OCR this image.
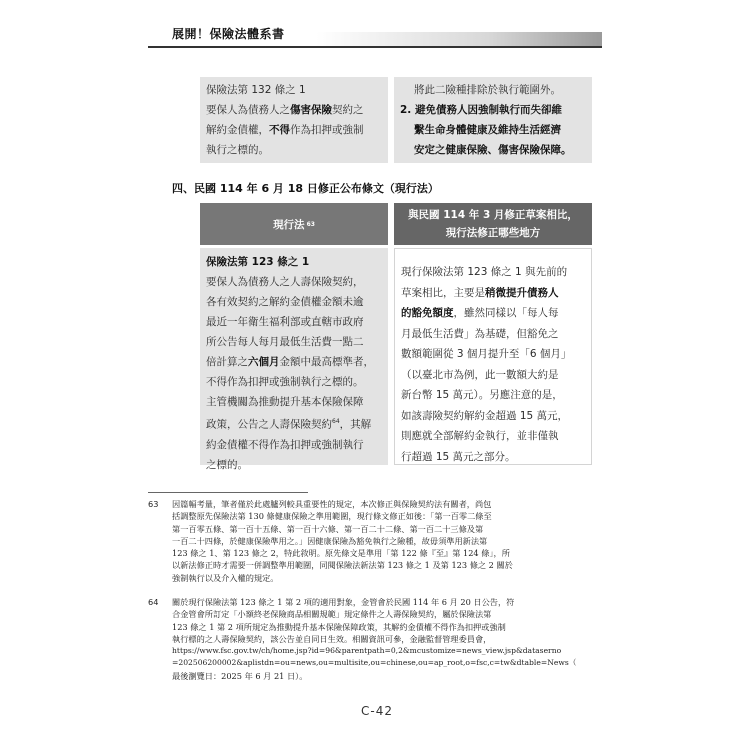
展開！保險法體系書
保險法第 132 條之 1
要保人為債務人之傷害保險契約之
解約金債權，不得作為扣押或強制
執行之標的。
將此二險種排除於執行範圍外。
2. 避免債務人因強制執行而失卻維
繫生命身體健康及維持生活經濟
安定之健康保險、傷害保險保障。
四、民國 114 年 6 月 18 日修正公布條文（現行法）
現行法 63
與民國 114 年 3 月修正草案相比，
現行法修正哪些地方
保險法第 123 條之 1
要保人為債務人之人壽保險契約，
各有效契約之解約金債權金額未逾
最近一年衛生福利部或直轄市政府
所公告每人每月最低生活費一點二
倍計算之六個月金額中最高標準者，
不得作為扣押或強制執行之標的。
主管機關為推動提升基本保險保障
政策，公告之人壽保險契約$^{64}$，其解
約金債權不得作為扣押或強制執行
之標的。
現行保險法第 123 條之 1 與先前的
草案相比，主要是稍微提升債務人
的豁免額度，雖然同樣以「每人每
月最低生活費」為基礎，但豁免之
數額範圍從 3 個月提升至「6 個月」
（以臺北市為例，此一數額大約是
新台幣 15 萬元）。另應注意的是，
如該壽險契約解約金超過 15 萬元，
則應就全部解約金執行，並非僅執
行超過 15 萬元之部分。
63 因篇幅考量，筆者僅於此處臚列較具重要性的規定，本次修正與保險契約法有關者，尚包
括調整原先保險法第 130 條健康保險之準用範圍，現行條文修正如後：「第一百零二條至
第一百零五條、第一百十五條、第一百十六條、第一百二十二條、第一百二十三條及第
一百二十四條，於健康保險準用之。」因健康保險為豁免執行之險種，故毋須準用新法第
123 條之 1、第 123 條之 2，特此敘明。原先條文是準用「第 122 條『至』第 124 條」，所
以新法修正時才需要一併調整準用範圍，同閱保險法新法第 123 條之 1 及第 123 條之 2 關於
強制執行以及介入權的規定。
64 關於現行保險法第 123 條之 1 第 2 項的適用對象，金管會於民國 114 年 6 月 20 日公告，符
合金管會所訂定「小額終老保險商品相關規範」規定條件之人壽保險契約，屬於保險法第
123 條之 1 第 2 項所規定為推動提升基本保險保障政策，其解約金債權不得作為扣押或強制
執行標的之人壽保險契約，該公告並自同日生效。相關資訊可參，金融監督管理委員會，
https://www.fsc.gov.tw/ch/home.jsp?id=96&parentpath=0,2&mcustomize=news_view.jsp&dataserno
=202506200002&aplistdn=ou=news,ou=multisite,ou=chinese,ou=ap_root,o=fsc,c=tw&dtable=News（
最後瀏覽日：2025 年 6 月 21 日）。
C-42
